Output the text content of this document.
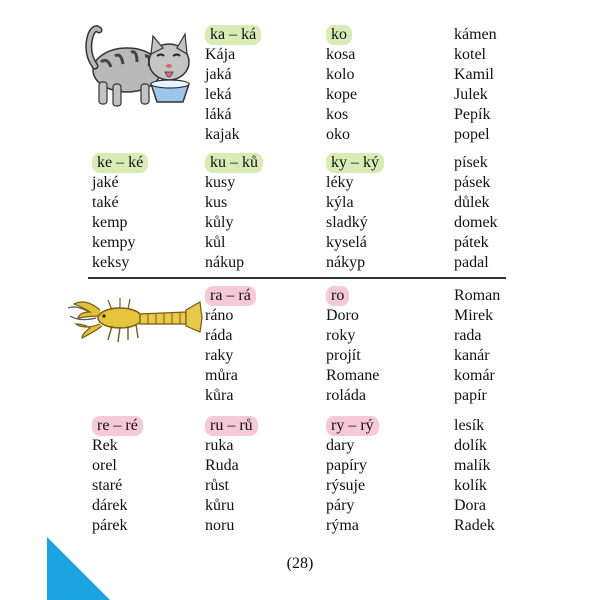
ka – ká
Kája
jaká
leká
láká
kajak
ko
kosa
kolo
kope
kos
oko
kámen
kotel
Kamil
Julek
Pepík
popel
ke – ké
jaké
také
kemp
kempy
keksy
ku – ků
kusy
kus
kůly
kůl
nákup
ky – ký
léky
kýla
sladký
kyselá
nákyp
písek
pásek
důlek
domek
pátek
padal
ra – rá
ráno
ráda
raky
můra
kůra
ro
Doro
roky
projít
Romane
roláda
Roman
Mirek
rada
kanár
komár
papír
re – ré
Rek
orel
staré
dárek
párek
ru – rů
ruka
Ruda
růst
kůru
noru
ry – rý
dary
papíry
rýsuje
páry
rýma
lesík
dolík
malík
kolík
Dora
Radek
(28)
